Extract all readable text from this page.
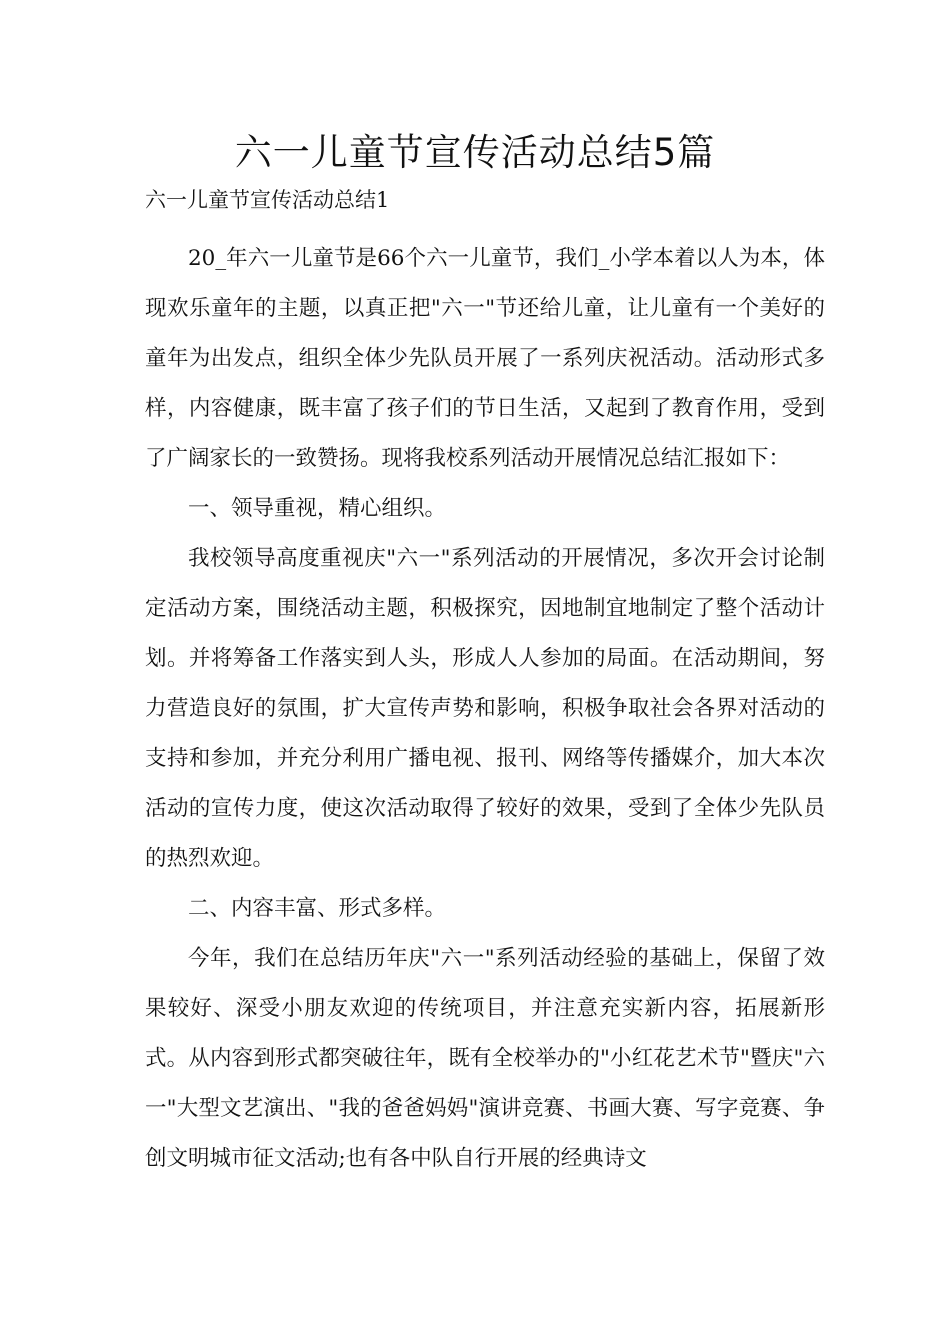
六一儿童节宣传活动总结5篇

六一儿童节宣传活动总结1

20_年六一儿童节是66个六一儿童节，我们_小学本着以人为本，体现欢乐童年的主题，以真正把"六一"节还给儿童，让儿童有一个美好的童年为出发点，组织全体少先队员开展了一系列庆祝活动。活动形式多样，内容健康，既丰富了孩子们的节日生活，又起到了教育作用，受到了广阔家长的一致赞扬。现将我校系列活动开展情况总结汇报如下：

一、领导重视，精心组织。

我校领导高度重视庆"六一"系列活动的开展情况，多次开会讨论制定活动方案，围绕活动主题，积极探究，因地制宜地制定了整个活动计划。并将筹备工作落实到人头，形成人人参加的局面。在活动期间，努力营造良好的氛围，扩大宣传声势和影响，积极争取社会各界对活动的支持和参加，并充分利用广播电视、报刊、网络等传播媒介，加大本次活动的宣传力度，使这次活动取得了较好的效果，受到了全体少先队员的热烈欢迎。

二、内容丰富、形式多样。

今年，我们在总结历年庆"六一"系列活动经验的基础上，保留了效果较好、深受小朋友欢迎的传统项目，并注意充实新内容，拓展新形式。从内容到形式都突破往年，既有全校举办的"小红花艺术节"暨庆"六一"大型文艺演出、"我的爸爸妈妈"演讲竞赛、书画大赛、写字竞赛、争创文明城市征文活动;也有各中队自行开展的经典诗文
